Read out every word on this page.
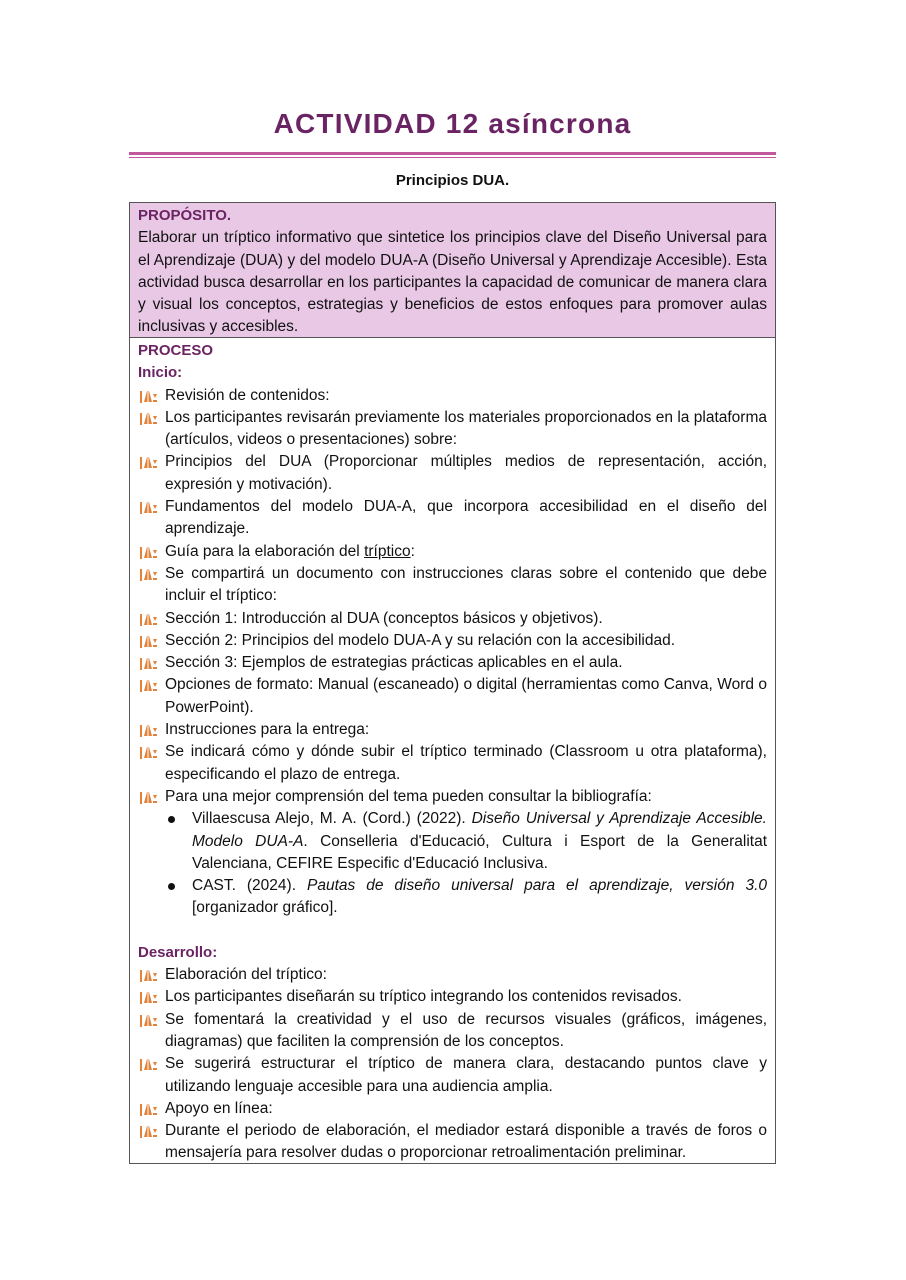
ACTIVIDAD 12 asíncrona
Principios DUA.
PROPÓSITO.

Elaborar un tríptico informativo que sintetice los principios clave del Diseño Universal para el Aprendizaje (DUA) y del modelo DUA-A (Diseño Universal y Aprendizaje Accesible). Esta actividad busca desarrollar en los participantes la capacidad de comunicar de manera clara y visual los conceptos, estrategias y beneficios de estos enfoques para promover aulas inclusivas y accesibles.

PROCESO
Inicio:
Revisión de contenidos:
Los participantes revisarán previamente los materiales proporcionados en la plataforma (artículos, videos o presentaciones) sobre:
Principios del DUA (Proporcionar múltiples medios de representación, acción, expresión y motivación).
Fundamentos del modelo DUA-A, que incorpora accesibilidad en el diseño del aprendizaje.
Guía para la elaboración del tríptico:
Se compartirá un documento con instrucciones claras sobre el contenido que debe incluir el tríptico:
Sección 1: Introducción al DUA (conceptos básicos y objetivos).
Sección 2: Principios del modelo DUA-A y su relación con la accesibilidad.
Sección 3: Ejemplos de estrategias prácticas aplicables en el aula.
Opciones de formato: Manual (escaneado) o digital (herramientas como Canva, Word o PowerPoint).
Instrucciones para la entrega:
Se indicará cómo y dónde subir el tríptico terminado (Classroom u otra plataforma), especificando el plazo de entrega.
Para una mejor comprensión del tema pueden consultar la bibliografía:
Villaescusa Alejo, M. A. (Cord.) (2022). Diseño Universal y Aprendizaje Accesible. Modelo DUA-A. Conselleria d'Educació, Cultura i Esport de la Generalitat Valenciana, CEFIRE Especific d'Educació Inclusiva.
CAST. (2024). Pautas de diseño universal para el aprendizaje, versión 3.0 [organizador gráfico].
Desarrollo:
Elaboración del tríptico:
Los participantes diseñarán su tríptico integrando los contenidos revisados.
Se fomentará la creatividad y el uso de recursos visuales (gráficos, imágenes, diagramas) que faciliten la comprensión de los conceptos.
Se sugerirá estructurar el tríptico de manera clara, destacando puntos clave y utilizando lenguaje accesible para una audiencia amplia.
Apoyo en línea:
Durante el periodo de elaboración, el mediador estará disponible a través de foros o mensajería para resolver dudas o proporcionar retroalimentación preliminar.
